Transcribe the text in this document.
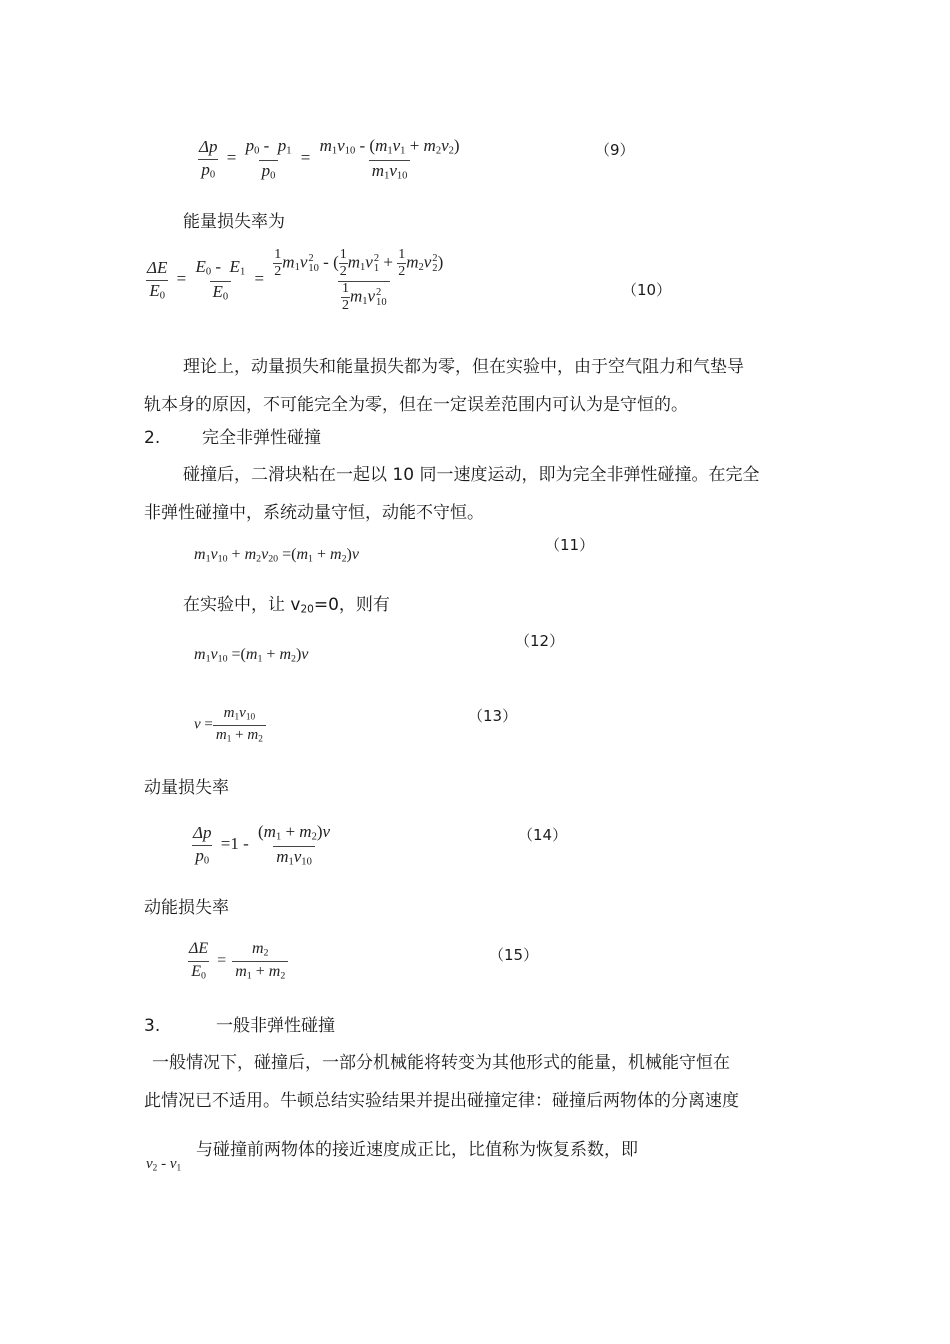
$\frac{\Delta p}{p_0} = \frac{p_0 - p_1}{p_0} = \frac{m_1v_{10} - (m_1v_1 + m_2v_2)}{m_1v_{10}}$	（9）
能量损失率为
$\frac{\Delta E}{E_0} = \frac{E_0 - E_1}{E_0} = \frac{1}{2} m_1v$ 2
10 - ( $\frac{1}{2} m_1v$ 2
$1 + \frac{1}{2} m_2v$ 2
2 )
$\frac{1}{2} m_1v$ 2
10	（10）
理论上，动量损失和能量损失都为零，但在实验中，由于空气阻力和气垫导
轨本身的原因，不可能完全为零，但在一定误差范围内可认为是守恒的。
2. 完全非弹性碰撞
碰撞后，二滑块粘在一起以 10 同一速度运动，即为完全非弹性碰撞。在完全
非弹性碰撞中，系统动量守恒，动能不守恒。
$m_1v_{10} + m_2v_{20} =(m_1 + m_2)v$
（11）
在实验中，让 $v_{20}=0$，则有
$m_1v_{10} =(m_1 + m_2)v$
（12）
$v = \frac{m_1v_{10}}{m_1 + m_2}$	（13）
动量损失率
$\frac{\Delta p}{p_0} =1 - \frac{(m_1 + m_2)v}{m_1v_{10}}$	（14）
动能损失率
$\frac{\Delta E}{E_0} = \frac{m_2}{m_1 + m_2}$	（15）
3.	一般非弹性碰撞
一般情况下，碰撞后，一部分机械能将转变为其他形式的能量，机械能守恒在
此情况已不适用。牛顿总结实验结果并提出碰撞定律：碰撞后两物体的分离速度
$v_2 - v_1$
与碰撞前两物体的接近速度成正比，比值称为恢复系数，即
